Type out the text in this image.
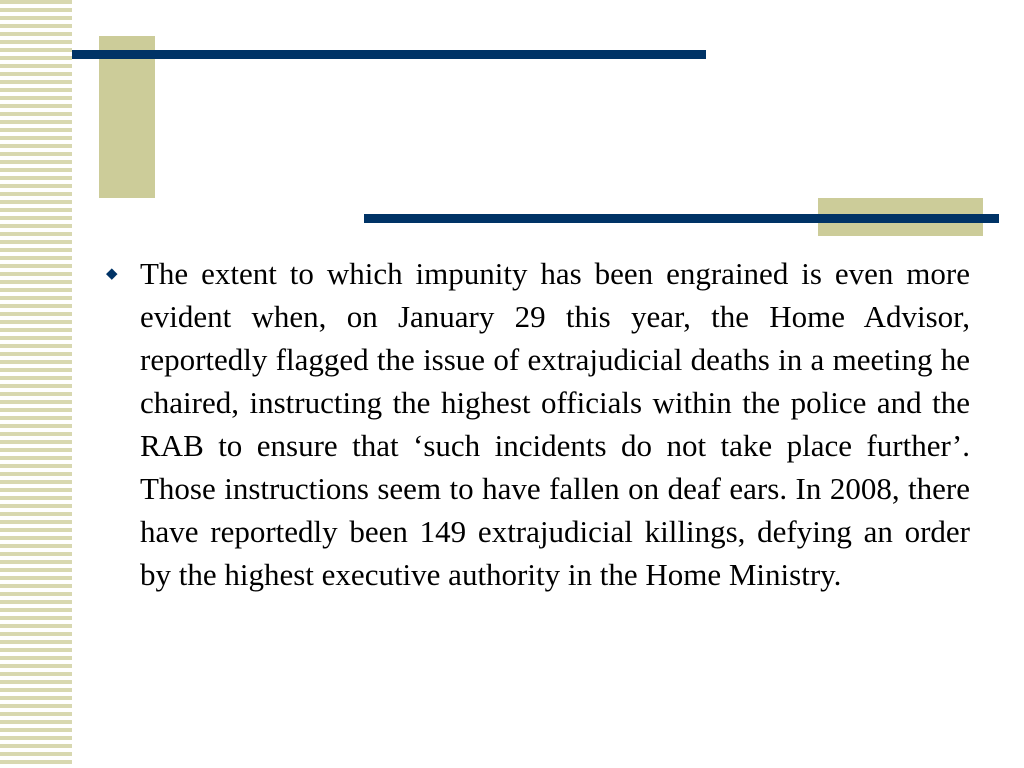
◆ The extent to which impunity has been engrained is even more evident when, on January 29 this year, the Home Advisor, reportedly flagged the issue of extrajudicial deaths in a meeting he chaired, instructing the highest officials within the police and the RAB to ensure that ‘such incidents do not take place further’. Those instructions seem to have fallen on deaf ears. In 2008, there have reportedly been 149 extrajudicial killings, defying an order by the highest executive authority in the Home Ministry.
